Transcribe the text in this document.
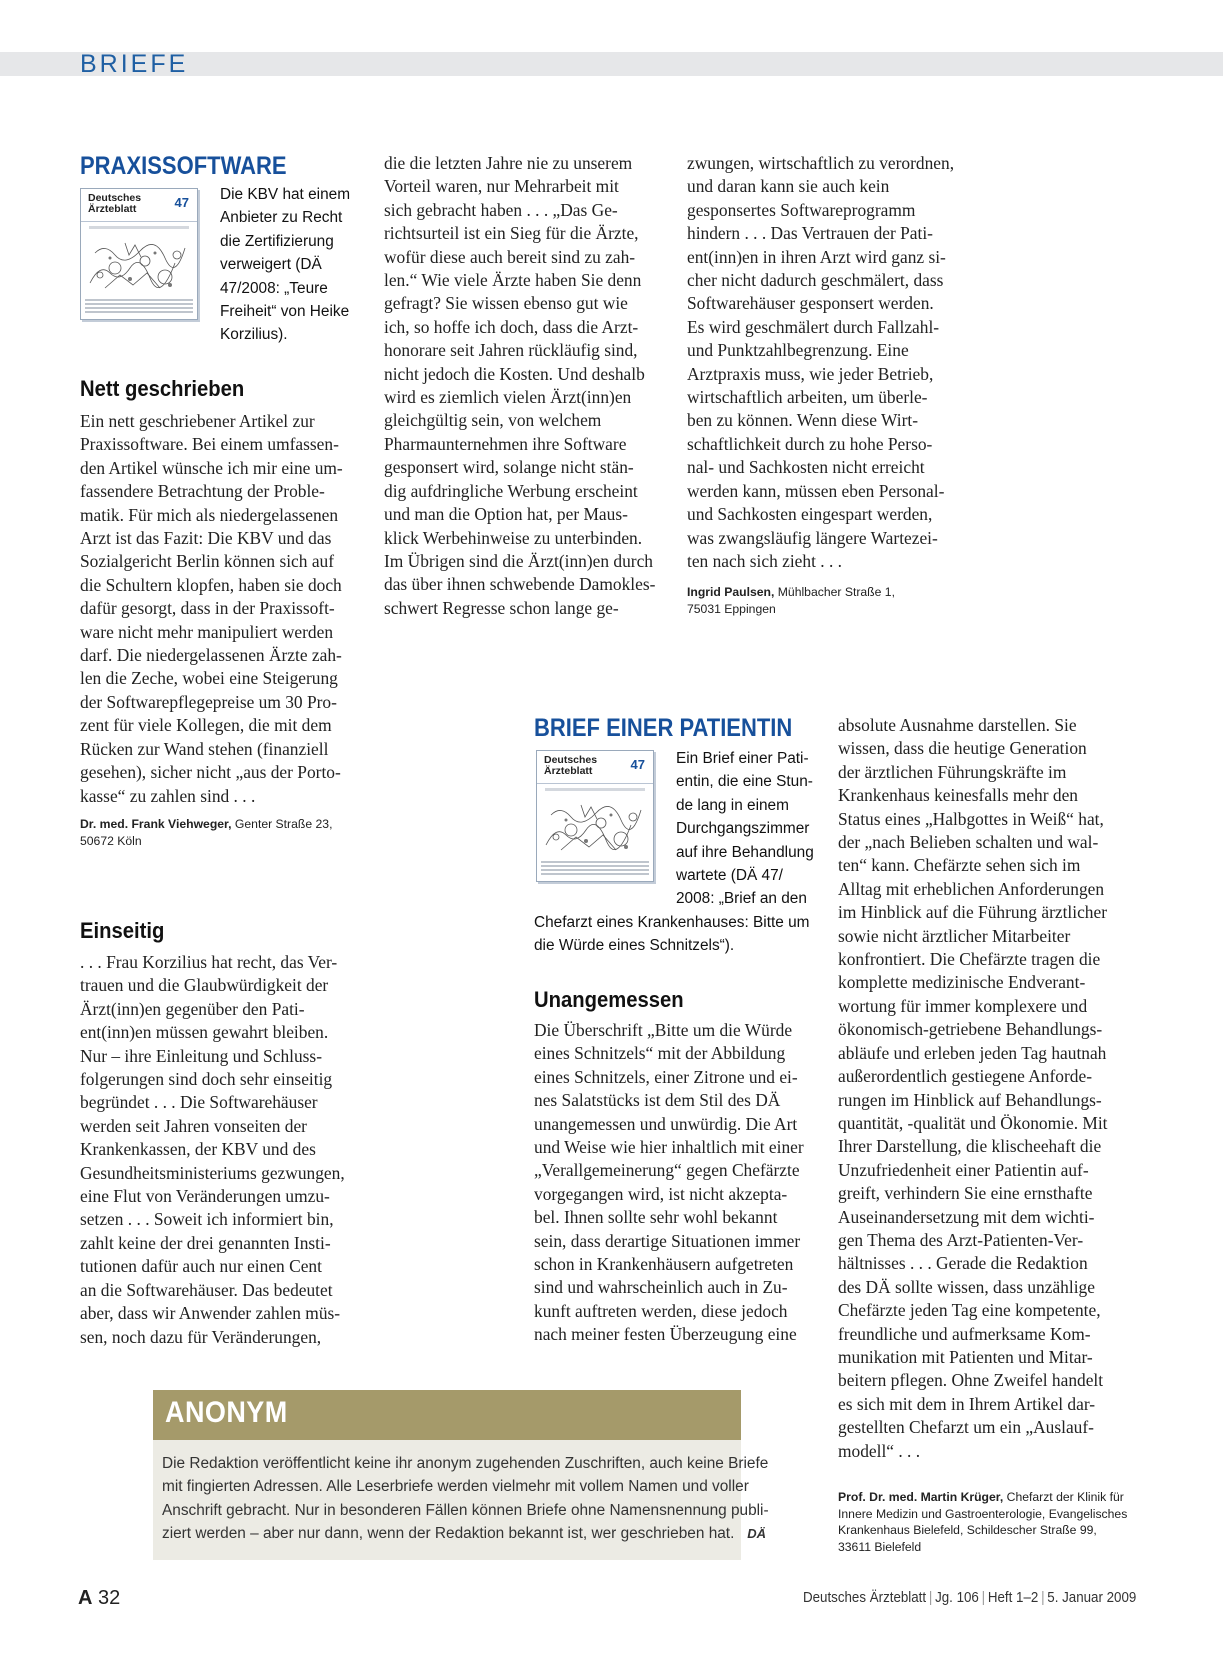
BRIEFE
PRAXISSOFTWARE
Deutsches
Ärzteblatt	47 Die KBV hat einem
Anbieter zu Recht
die Zertifizierung
verweigert (DÄ
47/2008: „Teure
Freiheit“ von Heike
Korzilius).
Nett geschrieben
Ein nett geschriebener Artikel zur
Praxissoftware. Bei einem umfassen-
den Artikel wünsche ich mir eine um-
fassendere Betrachtung der Proble-
matik. Für mich als niedergelassenen
Arzt ist das Fazit: Die KBV und das
Sozialgericht Berlin können sich auf
die Schultern klopfen, haben sie doch
dafür gesorgt, dass in der Praxissoft-
ware nicht mehr manipuliert werden
darf. Die niedergelassenen Ärzte zah-
len die Zeche, wobei eine Steigerung
der Softwarepflegepreise um 30 Pro-
zent für viele Kollegen, die mit dem
Rücken zur Wand stehen (finanziell
gesehen), sicher nicht „aus der Porto-
kasse“ zu zahlen sind . . .
Dr. med. Frank Viehweger, Genter Straße 23,
50672 Köln
Einseitig
. . . Frau Korzilius hat recht, das Ver-
trauen und die Glaubwürdigkeit der
Ärzt(inn)en gegenüber den Pati-
ent(inn)en müssen gewahrt bleiben.
Nur – ihre Einleitung und Schluss-
folgerungen sind doch sehr einseitig
begründet . . . Die Softwarehäuser
werden seit Jahren vonseiten der
Krankenkassen, der KBV und des
Gesundheitsministeriums gezwungen,
eine Flut von Veränderungen umzu-
setzen . . . Soweit ich informiert bin,
zahlt keine der drei genannten Insti-
tutionen dafür auch nur einen Cent
an die Softwarehäuser. Das bedeutet
aber, dass wir Anwender zahlen müs-
sen, noch dazu für Veränderungen,
die die letzten Jahre nie zu unserem
Vorteil waren, nur Mehrarbeit mit
sich gebracht haben . . . „Das Ge-
richtsurteil ist ein Sieg für die Ärzte,
wofür diese auch bereit sind zu zah-
len.“ Wie viele Ärzte haben Sie denn
gefragt? Sie wissen ebenso gut wie
ich, so hoffe ich doch, dass die Arzt-
honorare seit Jahren rückläufig sind,
nicht jedoch die Kosten. Und deshalb
wird es ziemlich vielen Ärzt(inn)en
gleichgültig sein, von welchem
Pharmaunternehmen ihre Software
gesponsert wird, solange nicht stän-
dig aufdringliche Werbung erscheint
und man die Option hat, per Maus-
klick Werbehinweise zu unterbinden.
Im Übrigen sind die Ärzt(inn)en durch
das über ihnen schwebende Damokles-
schwert Regresse schon lange ge-
zwungen, wirtschaftlich zu verordnen,
und daran kann sie auch kein
gesponsertes Softwareprogramm
hindern . . . Das Vertrauen der Pati-
ent(inn)en in ihren Arzt wird ganz si-
cher nicht dadurch geschmälert, dass
Softwarehäuser gesponsert werden.
Es wird geschmälert durch Fallzahl-
und Punktzahlbegrenzung. Eine
Arztpraxis muss, wie jeder Betrieb,
wirtschaftlich arbeiten, um überle-
ben zu können. Wenn diese Wirt-
schaftlichkeit durch zu hohe Perso-
nal- und Sachkosten nicht erreicht
werden kann, müssen eben Personal-
und Sachkosten eingespart werden,
was zwangsläufig längere Wartezei-
ten nach sich zieht . . .
Ingrid Paulsen, Mühlbacher Straße 1,
75031 Eppingen
BRIEF EINER PATIENTIN
Deutsches
Ärzteblatt	47 Ein Brief einer Pati-
entin, die eine Stun-
de lang in einem
Durchgangszimmer
auf ihre Behandlung
wartete (DÄ 47/
2008: „Brief an den
Chefarzt eines Krankenhauses: Bitte um
die Würde eines Schnitzels“).
Unangemessen
Die Überschrift „Bitte um die Würde
eines Schnitzels“ mit der Abbildung
eines Schnitzels, einer Zitrone und ei-
nes Salatstücks ist dem Stil des DÄ
unangemessen und unwürdig. Die Art
und Weise wie hier inhaltlich mit einer
„Verallgemeinerung“ gegen Chefärzte
vorgegangen wird, ist nicht akzepta-
bel. Ihnen sollte sehr wohl bekannt
sein, dass derartige Situationen immer
schon in Krankenhäusern aufgetreten
sind und wahrscheinlich auch in Zu-
kunft auftreten werden, diese jedoch
nach meiner festen Überzeugung eine
absolute Ausnahme darstellen. Sie
wissen, dass die heutige Generation
der ärztlichen Führungskräfte im
Krankenhaus keinesfalls mehr den
Status eines „Halbgottes in Weiß“ hat,
der „nach Belieben schalten und wal-
ten“ kann. Chefärzte sehen sich im
Alltag mit erheblichen Anforderungen
im Hinblick auf die Führung ärztlicher
sowie nicht ärztlicher Mitarbeiter
konfrontiert. Die Chefärzte tragen die
komplette medizinische Endverant-
wortung für immer komplexere und
ökonomisch-getriebene Behandlungs-
abläufe und erleben jeden Tag hautnah
außerordentlich gestiegene Anforde-
rungen im Hinblick auf Behandlungs-
quantität, -qualität und Ökonomie. Mit
Ihrer Darstellung, die klischeehaft die
Unzufriedenheit einer Patientin auf-
greift, verhindern Sie eine ernsthafte
Auseinandersetzung mit dem wichti-
gen Thema des Arzt-Patienten-Ver-
hältnisses . . . Gerade die Redaktion
des DÄ sollte wissen, dass unzählige
Chefärzte jeden Tag eine kompetente,
freundliche und aufmerksame Kom-
munikation mit Patienten und Mitar-
beitern pflegen. Ohne Zweifel handelt
es sich mit dem in Ihrem Artikel dar-
gestellten Chefarzt um ein „Auslauf-
modell“ . . .
Prof. Dr. med. Martin Krüger, Chefarzt der Klinik für
Innere Medizin und Gastroenterologie, Evangelisches
Krankenhaus Bielefeld, Schildescher Straße 99,
33611 Bielefeld
ANONYM
Die Redaktion veröffentlicht keine ihr anonym zugehenden Zuschriften, auch keine Briefe
mit fingierten Adressen. Alle Leserbriefe werden vielmehr mit vollem Namen und voller
Anschrift gebracht. Nur in besonderen Fällen können Briefe ohne Namensnennung publi-
ziert werden – aber nur dann, wenn der Redaktion bekannt ist, wer geschrieben hat. DÄ
A 32	Deutsches Ärzteblatt | Jg. 106 | Heft 1–2 | 5. Januar 2009
